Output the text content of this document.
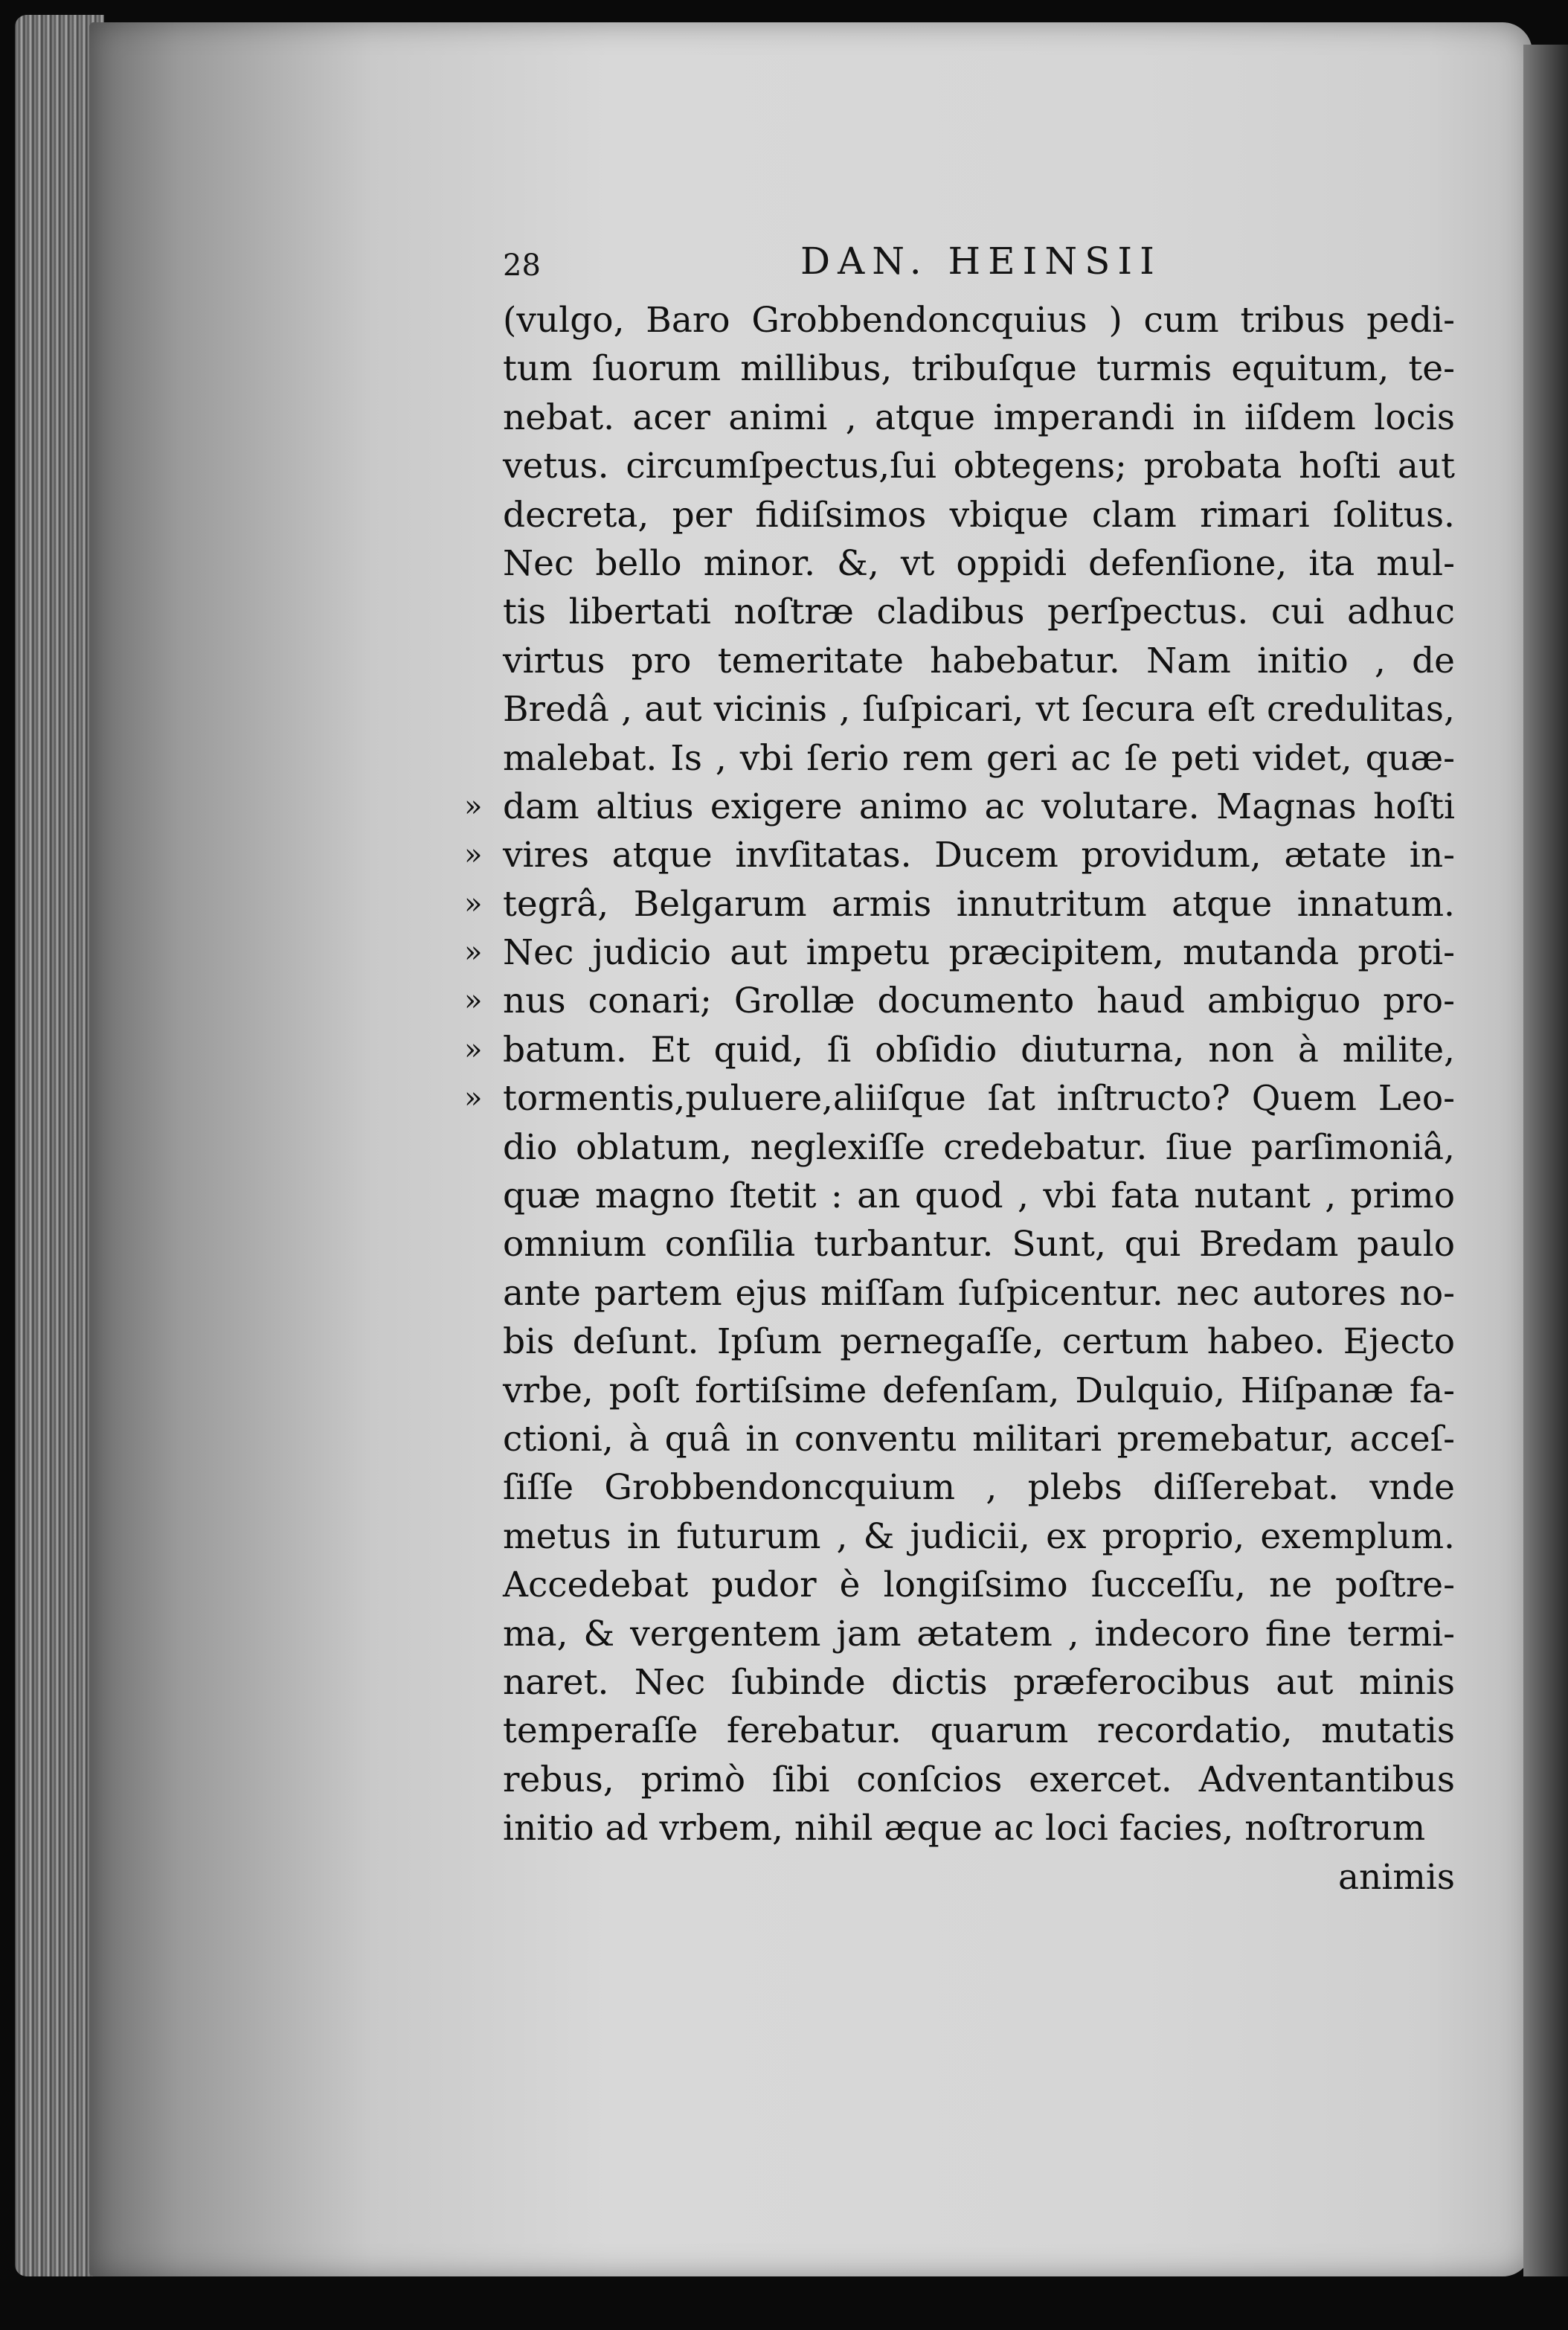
28	DAN. HEINSII
(vulgo, Baro Grobbendoncquius ) cum tribus pedi-
tum ſuorum millibus, tribuſque turmis equitum, te-
nebat. acer animi , atque imperandi in iiſdem locis
vetus. circumſpectus,ſui obtegens; probata hoſti aut
decreta, per fidiſsimos vbique clam rimari ſolitus.
Nec bello minor. &, vt oppidi defenſione, ita mul-
tis libertati noſtræ cladibus perſpectus. cui adhuc
virtus pro temeritate habebatur. Nam initio , de
Bredâ , aut vicinis , ſuſpicari, vt ſecura eſt credulitas,
malebat. Is , vbi ſerio rem geri ac ſe peti videt, quæ-
» dam altius exigere animo ac volutare. Magnas hoſti
» vires atque invſitatas. Ducem providum, ætate in-
» tegrâ, Belgarum armis innutritum atque innatum.
» Nec judicio aut impetu præcipitem, mutanda proti-
» nus conari; Grollæ documento haud ambiguo pro-
» batum. Et quid, ſi obſidio diuturna, non à milite,
» tormentis,puluere,aliiſque ſat inſtructo? Quem Leo-
dio oblatum, neglexiſſe credebatur. ſiue parſimoniâ,
quæ magno ſtetit : an quod , vbi fata nutant , primo
omnium conſilia turbantur. Sunt, qui Bredam paulo
ante partem ejus miſſam ſuſpicentur. nec autores no-
bis deſunt. Ipſum pernegaſſe, certum habeo. Ejecto
vrbe, poſt fortiſsime defenſam, Dulquio, Hiſpanæ fa-
ctioni, à quâ in conventu militari premebatur, acceſ-
ſiſſe Grobbendoncquium , plebs diſſerebat. vnde
metus in futurum , & judicii, ex proprio, exemplum.
Accedebat pudor è longiſsimo ſucceſſu, ne poſtre-
ma, & vergentem jam ætatem , indecoro fine termi-
naret. Nec ſubinde dictis præferocibus aut minis
temperaſſe ferebatur. quarum recordatio, mutatis
rebus, primò ſibi conſcios exercet. Adventantibus
initio ad vrbem, nihil æque ac loci facies, noſtrorum
animis
